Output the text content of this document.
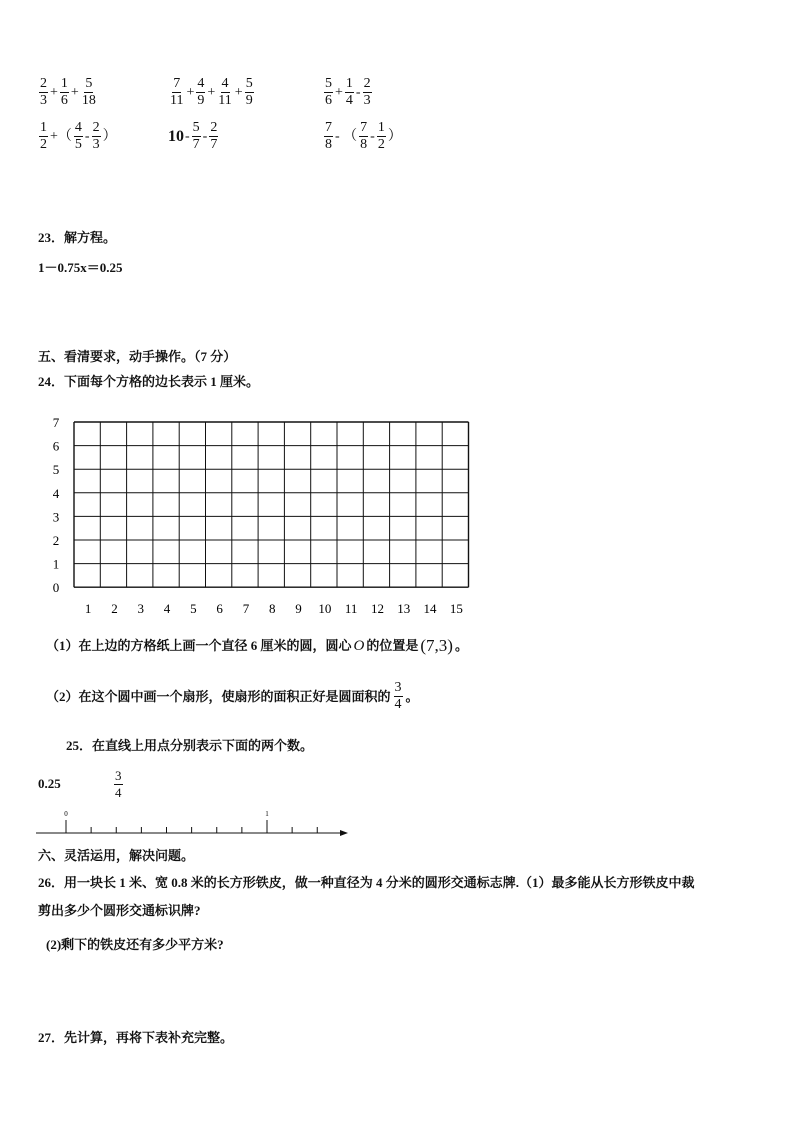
$\frac{2}{3} + \frac{1}{6} + \frac{5}{18}$	$\frac{7}{11} + \frac{4}{9} + \frac{4}{11} + \frac{5}{9}$	$\frac{5}{6} + \frac{1}{4} - \frac{2}{3}$
$\frac{1}{2}$ +（ $\frac{4}{5} - \frac{2}{3}$ ）	$10 - \frac{5}{7} - \frac{2}{7}$	$\frac{7}{8}$ - （ $\frac{7}{8} - \frac{1}{2}$ ）
23．解方程。
1－0.75x＝0.25
五、看清要求，动手操作。（7 分）
24．下面每个方格的边长表示 1 厘米。
7
6
5
4
3
2
1
0
1 2 3 4 5 6 7 8 9 10 11 12 13 14 15
（1）在上边的方格纸上画一个直径 6 厘米的圆，圆心 O 的位置是 (7,3) 。
（2）在这个圆中画一个扇形，使扇形的面积正好是圆面积的 $\frac{3}{4}$ 。
25．在直线上用点分别表示下面的两个数。
0.25	$\frac{3}{4}$
0	1
六、灵活运用，解决问题。
26．用一块长 1 米、宽 0.8 米的长方形铁皮，做一种直径为 4 分米的圆形交通标志牌.（1）最多能从长方形铁皮中裁
剪出多少个圆形交通标识牌?
(2)剩下的铁皮还有多少平方米?
27．先计算，再将下表补充完整。
